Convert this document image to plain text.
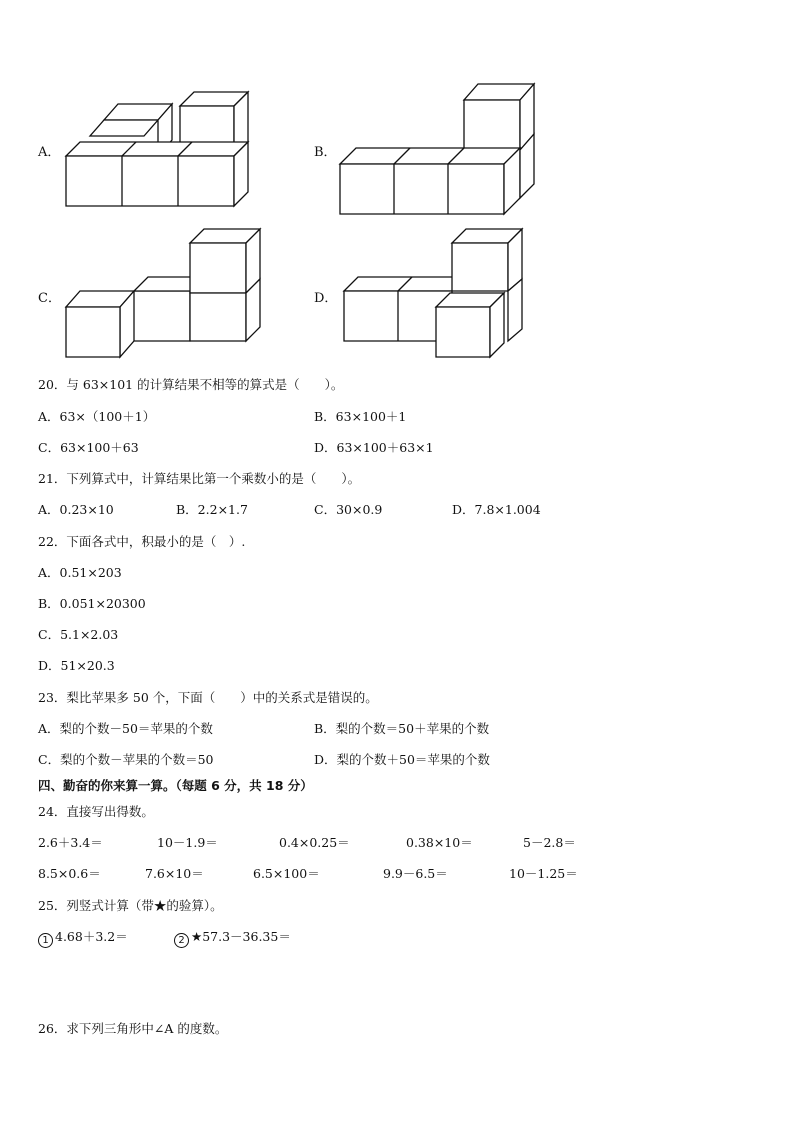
A．	B．
C．	D．
20．与 63×101 的计算结果不相等的算式是（　　）。
A．63×（100＋1）	B．63×100＋1
C．63×100＋63	D．63×100＋63×1
21．下列算式中，计算结果比第一个乘数小的是（　　）。
A．0.23×10	B．2.2×1.7	C．30×0.9	D．7.8×1.004
22．下面各式中，积最小的是（　）.
A．0.51×203
B．0.051×20300
C．5.1×2.03
D．51×20.3
23．梨比苹果多 50 个，下面（　　）中的关系式是错误的。
A．梨的个数－50＝苹果的个数	B．梨的个数＝50＋苹果的个数
C．梨的个数－苹果的个数＝50	D．梨的个数＋50＝苹果的个数
四、勤奋的你来算一算。（每题 6 分，共 18 分）
24．直接写出得数。
2.6＋3.4＝	10－1.9＝	0.4×0.25＝	0.38×10＝	5－2.8＝
8.5×0.6＝	7.6×10＝	6.5×100＝	9.9－6.5＝	10－1.25＝
25．列竖式计算（带★的验算）。
1 4.68＋3.2＝	2 ★57.3－36.35＝
26．求下列三角形中∠A 的度数。
